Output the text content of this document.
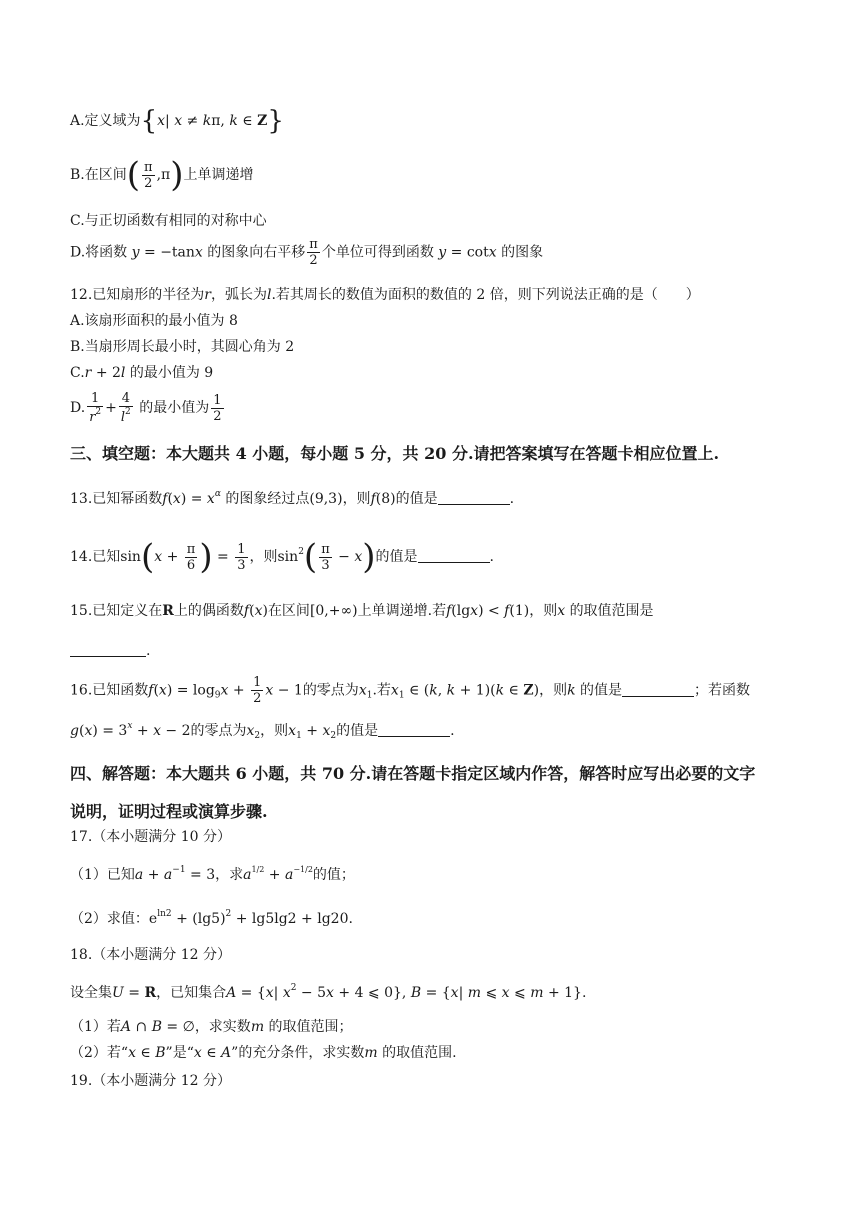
A.定义域为{x| x ≠ kπ, k ∈ Z}
B.在区间( $\frac{\pi}{2} ,\pi$)上单调递增
C.与正切函数有相同的对称中心
D.将函数 y = −tanx 的图象向右平移 $\frac{\pi}{2}$ 个单位可得到函数 y = cotx 的图象
12.已知扇形的半径为r，弧长为l.若其周长的数值为面积的数值的 2 倍，则下列说法正确的是（　　）
A.该扇形面积的最小值为 8
B.当扇形周长最小时，其圆心角为 2
C.r + 2l 的最小值为 9
D. $\frac{1}{r^2} + \frac{4}{l^2}$ 的最小值为 $\frac{1}{2}$
三、填空题：本大题共 4 小题，每小题 5 分，共 20 分.请把答案填写在答题卡相应位置上.
13.已知幂函数$f(x) = x^\alpha$ 的图象经过点(9,3)，则f(8)的值是	.
14.已知$\sin(x + \frac{\pi}{6}$ ) = $\frac{1}{3}$ ，则$\sin^2( \frac{\pi}{3} - x)$的值是	.
15.已知定义在R上的偶函数f(x)在区间[0,+∞)上单调递增.若f(lgx) < f(1)，则x 的取值范围是
.
16.已知函数$f(x) = \log_9x + \frac{1}{2}$ x − 1的零点为$x_1$.若$x_1$ ∈ (k, k + 1)(k ∈ Z)，则k 的值是	；若函数
$g(x) = 3^x + x - 2$的零点为$x_2$，则$x_1 + x_2$的值是	.
四、解答题：本大题共 6 小题，共 70 分.请在答题卡指定区域内作答，解答时应写出必要的文字
说明，证明过程或演算步骤.
17.（本小题满分 10 分）
（1）已知$a + a^{-1} = 3$，求$a^{1/2} + a^{-1/2}$的值；
（2）求值：$e^{ln2} + (\lg 5)^2 + \lg 5\lg 2 + \lg 20$.
18.（本小题满分 12 分）
设全集U = R，已知集合A = {x| $x^2 - 5x + 4$ ⩽ 0}, B = {x| m ⩽ x ⩽ m + 1}.
（1）若A ∩ B = ∅，求实数m 的取值范围；
（2）若“x ∈ B”是“x ∈ A”的充分条件，求实数m 的取值范围.
19.（本小题满分 12 分）
